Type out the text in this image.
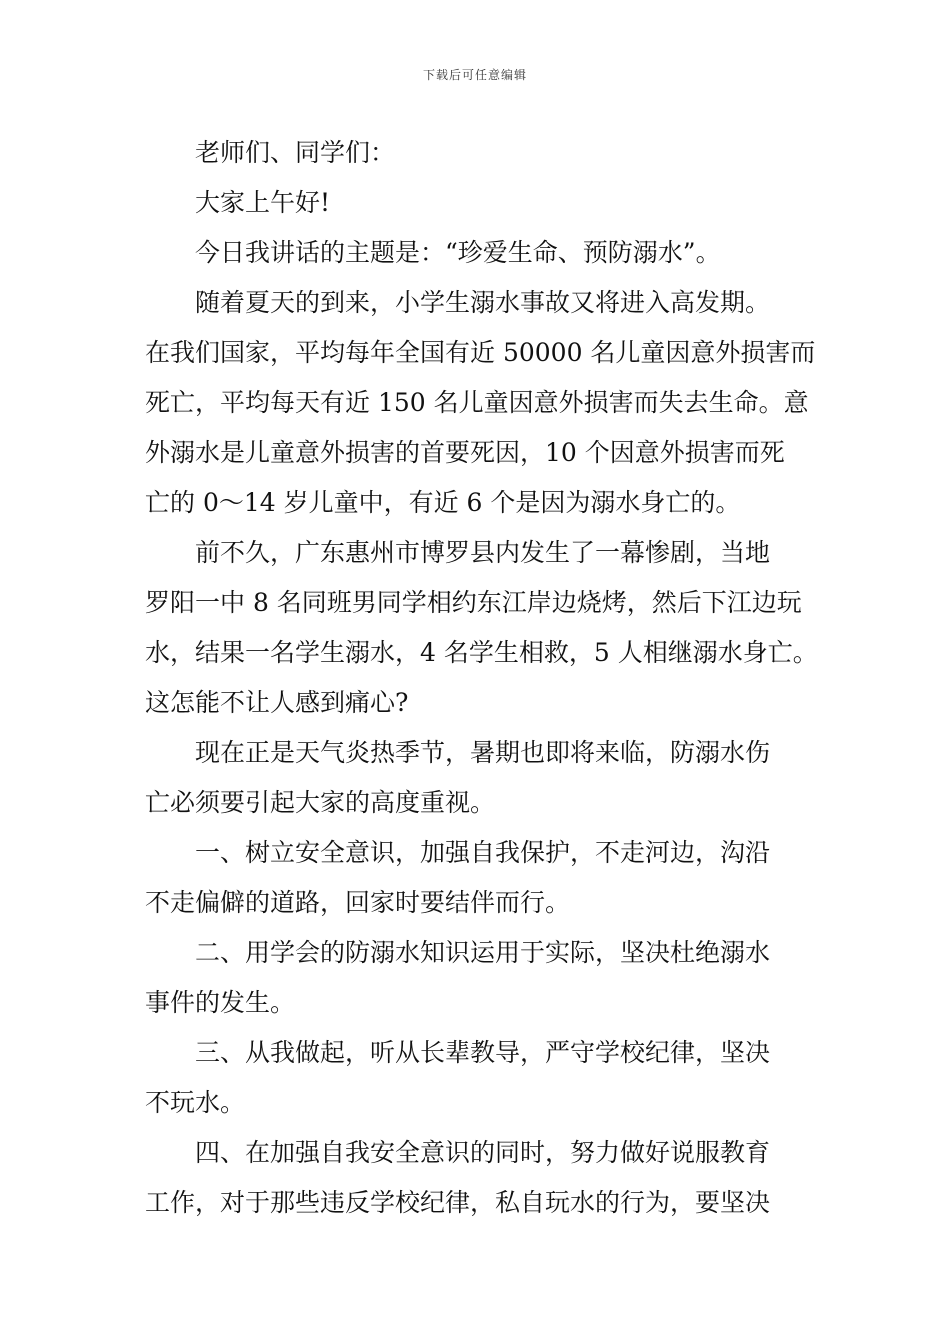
下载后可任意编辑

老师们、同学们：

大家上午好!

今日我讲话的主题是：“珍爱生命、预防溺水”。

随着夏天的到来，小学生溺水事故又将进入高发期。
在我们国家，平均每年全国有近 50000 名儿童因意外损害而
死亡，平均每天有近 150 名儿童因意外损害而失去生命。意
外溺水是儿童意外损害的首要死因，10 个因意外损害而死
亡的 0～14 岁儿童中，有近 6 个是因为溺水身亡的。

前不久，广东惠州市博罗县内发生了一幕惨剧，当地
罗阳一中 8 名同班男同学相约东江岸边烧烤，然后下江边玩
水，结果一名学生溺水，4 名学生相救，5 人相继溺水身亡。
这怎能不让人感到痛心?

现在正是天气炎热季节，暑期也即将来临，防溺水伤
亡必须要引起大家的高度重视。

一、树立安全意识，加强自我保护，不走河边，沟沿
不走偏僻的道路，回家时要结伴而行。

二、用学会的防溺水知识运用于实际，坚决杜绝溺水
事件的发生。

三、从我做起，听从长辈教导，严守学校纪律，坚决
不玩水。

四、在加强自我安全意识的同时，努力做好说服教育
工作，对于那些违反学校纪律，私自玩水的行为，要坚决
